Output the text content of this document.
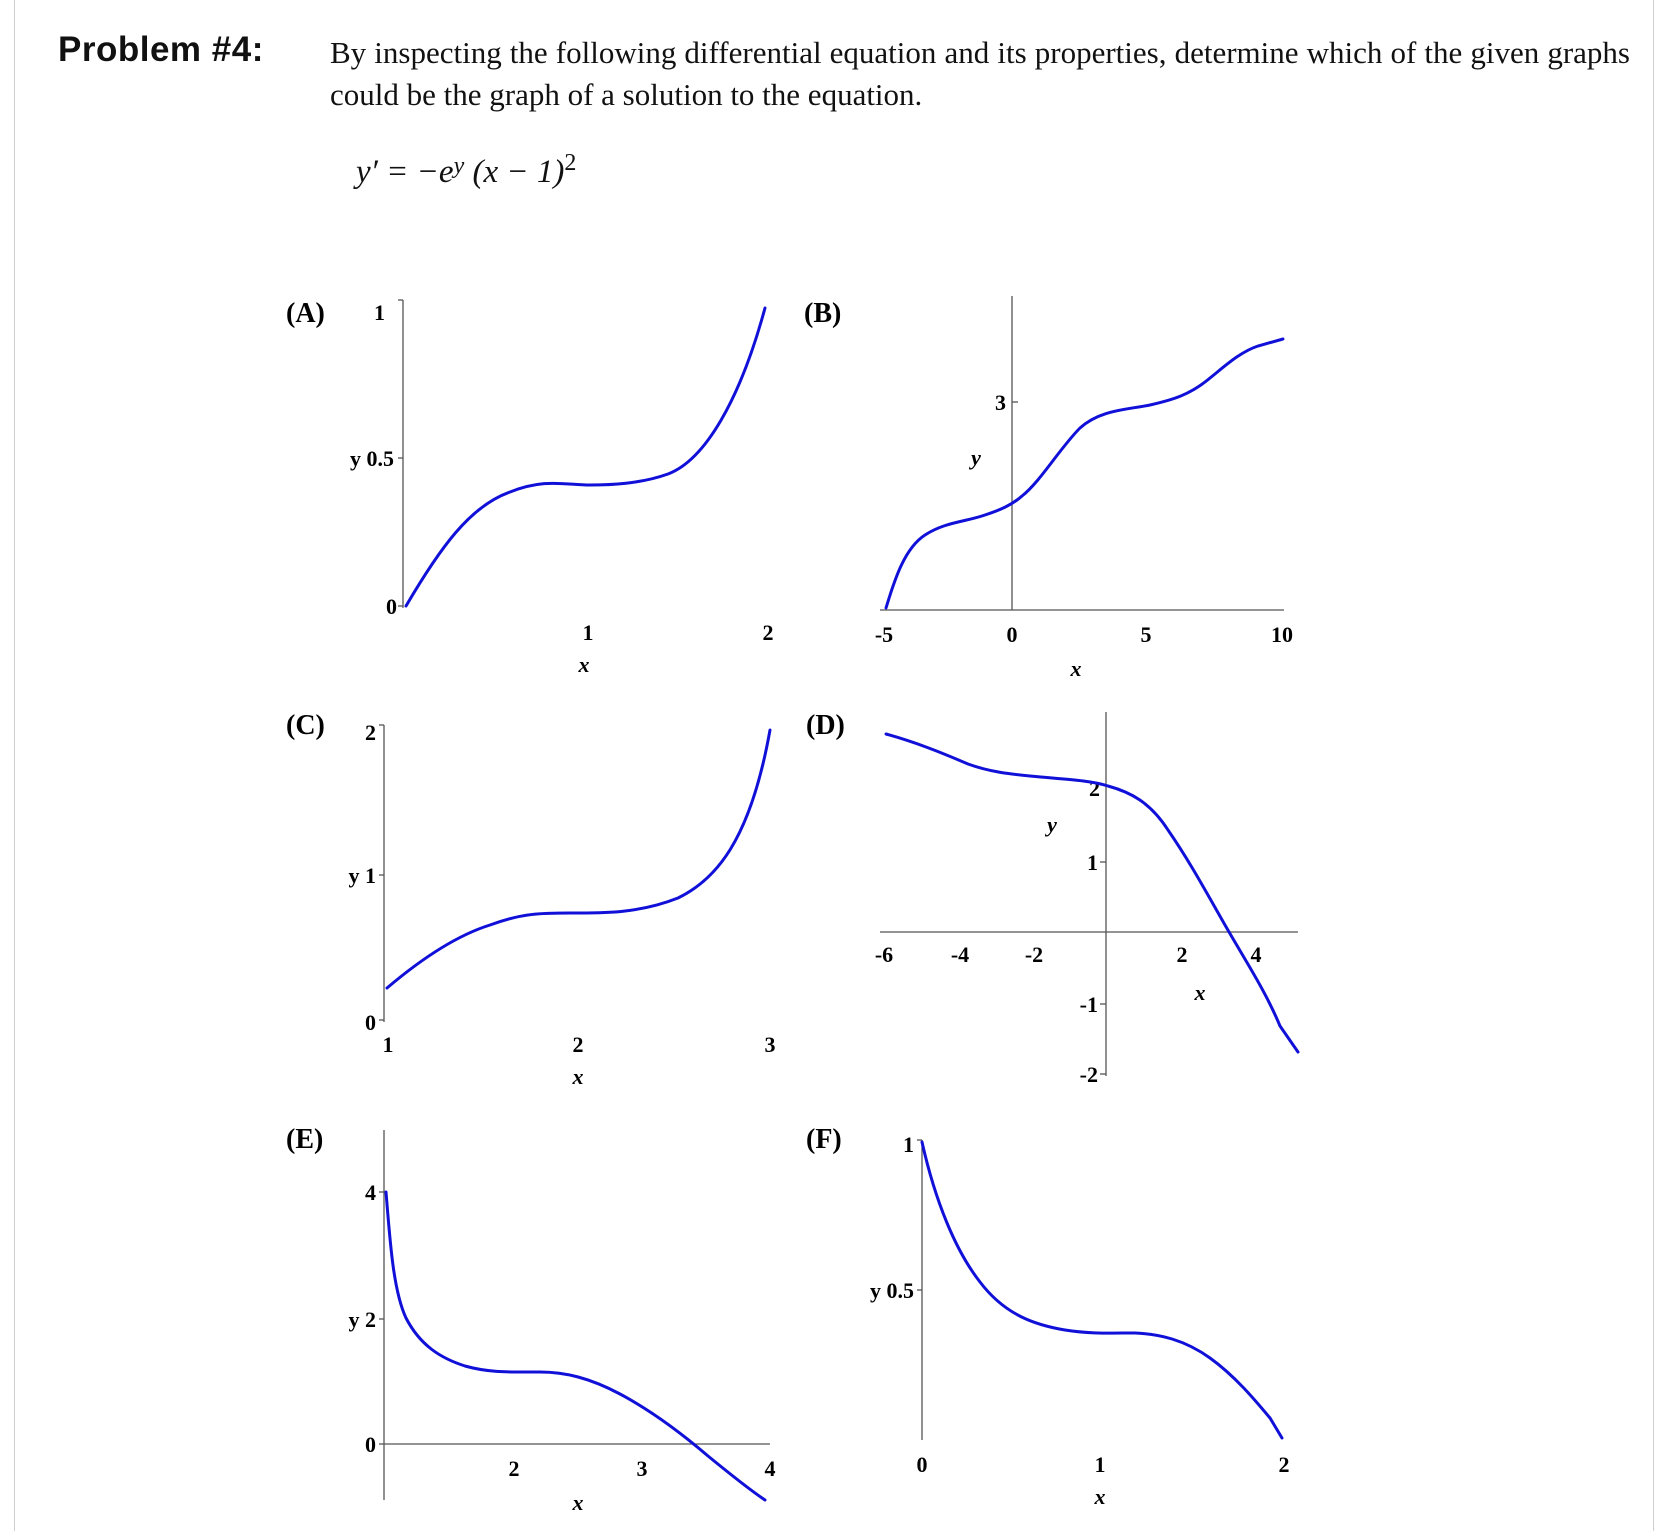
Problem #4: By inspecting the following differential equation and its properties, determine which of the given graphs could be the graph of a solution to the equation.
$y' = -e^y$ $(x - 1)^2$
(A) 1
y 0.5
0
1	2
x
(B)
3
y
-5	0	5	10
x
(C) 2
y 1
0
1	2	3
x
(D)
2
1
-1
-2
y
-6	-4	-2	2	4
x
(E)
4
y 2
0
2	3	4
x
(F)	1
y 0.5
0	1	2
x
